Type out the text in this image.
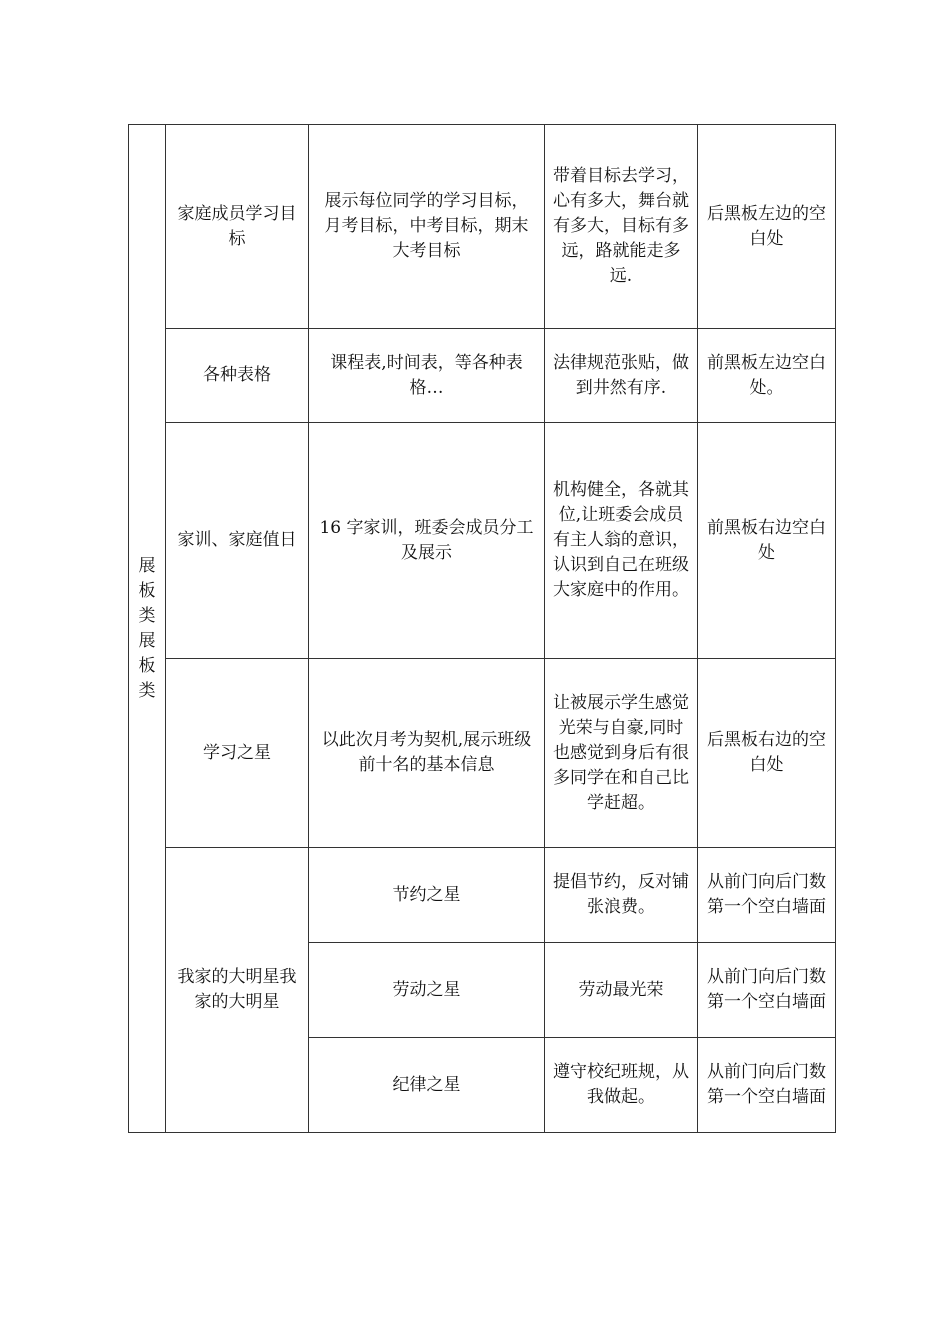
展板类展板类	家庭成员学习目标	展示每位同学的学习目标，月考目标，中考目标，期末大考目标	带着目标去学习，心有多大，舞台就有多大，目标有多远，路就能走多远.	后黑板左边的空白处
	各种表格	课程表,时间表，等各种表格…	法律规范张贴，做到井然有序.	前黑板左边空白处。
	家训、家庭值日	16 字家训，班委会成员分工及展示	机构健全，各就其位,让班委会成员有主人翁的意识，认识到自己在班级大家庭中的作用。	前黑板右边空白处
	学习之星	以此次月考为契机,展示班级前十名的基本信息	让被展示学生感觉光荣与自豪,同时也感觉到身后有很多同学在和自己比学赶超。	后黑板右边的空白处
	我家的大明星我家的大明星	节约之星	提倡节约，反对铺张浪费。	从前门向后门数第一个空白墙面
		劳动之星	劳动最光荣	从前门向后门数第一个空白墙面
		纪律之星	遵守校纪班规，从我做起。	从前门向后门数第一个空白墙面
